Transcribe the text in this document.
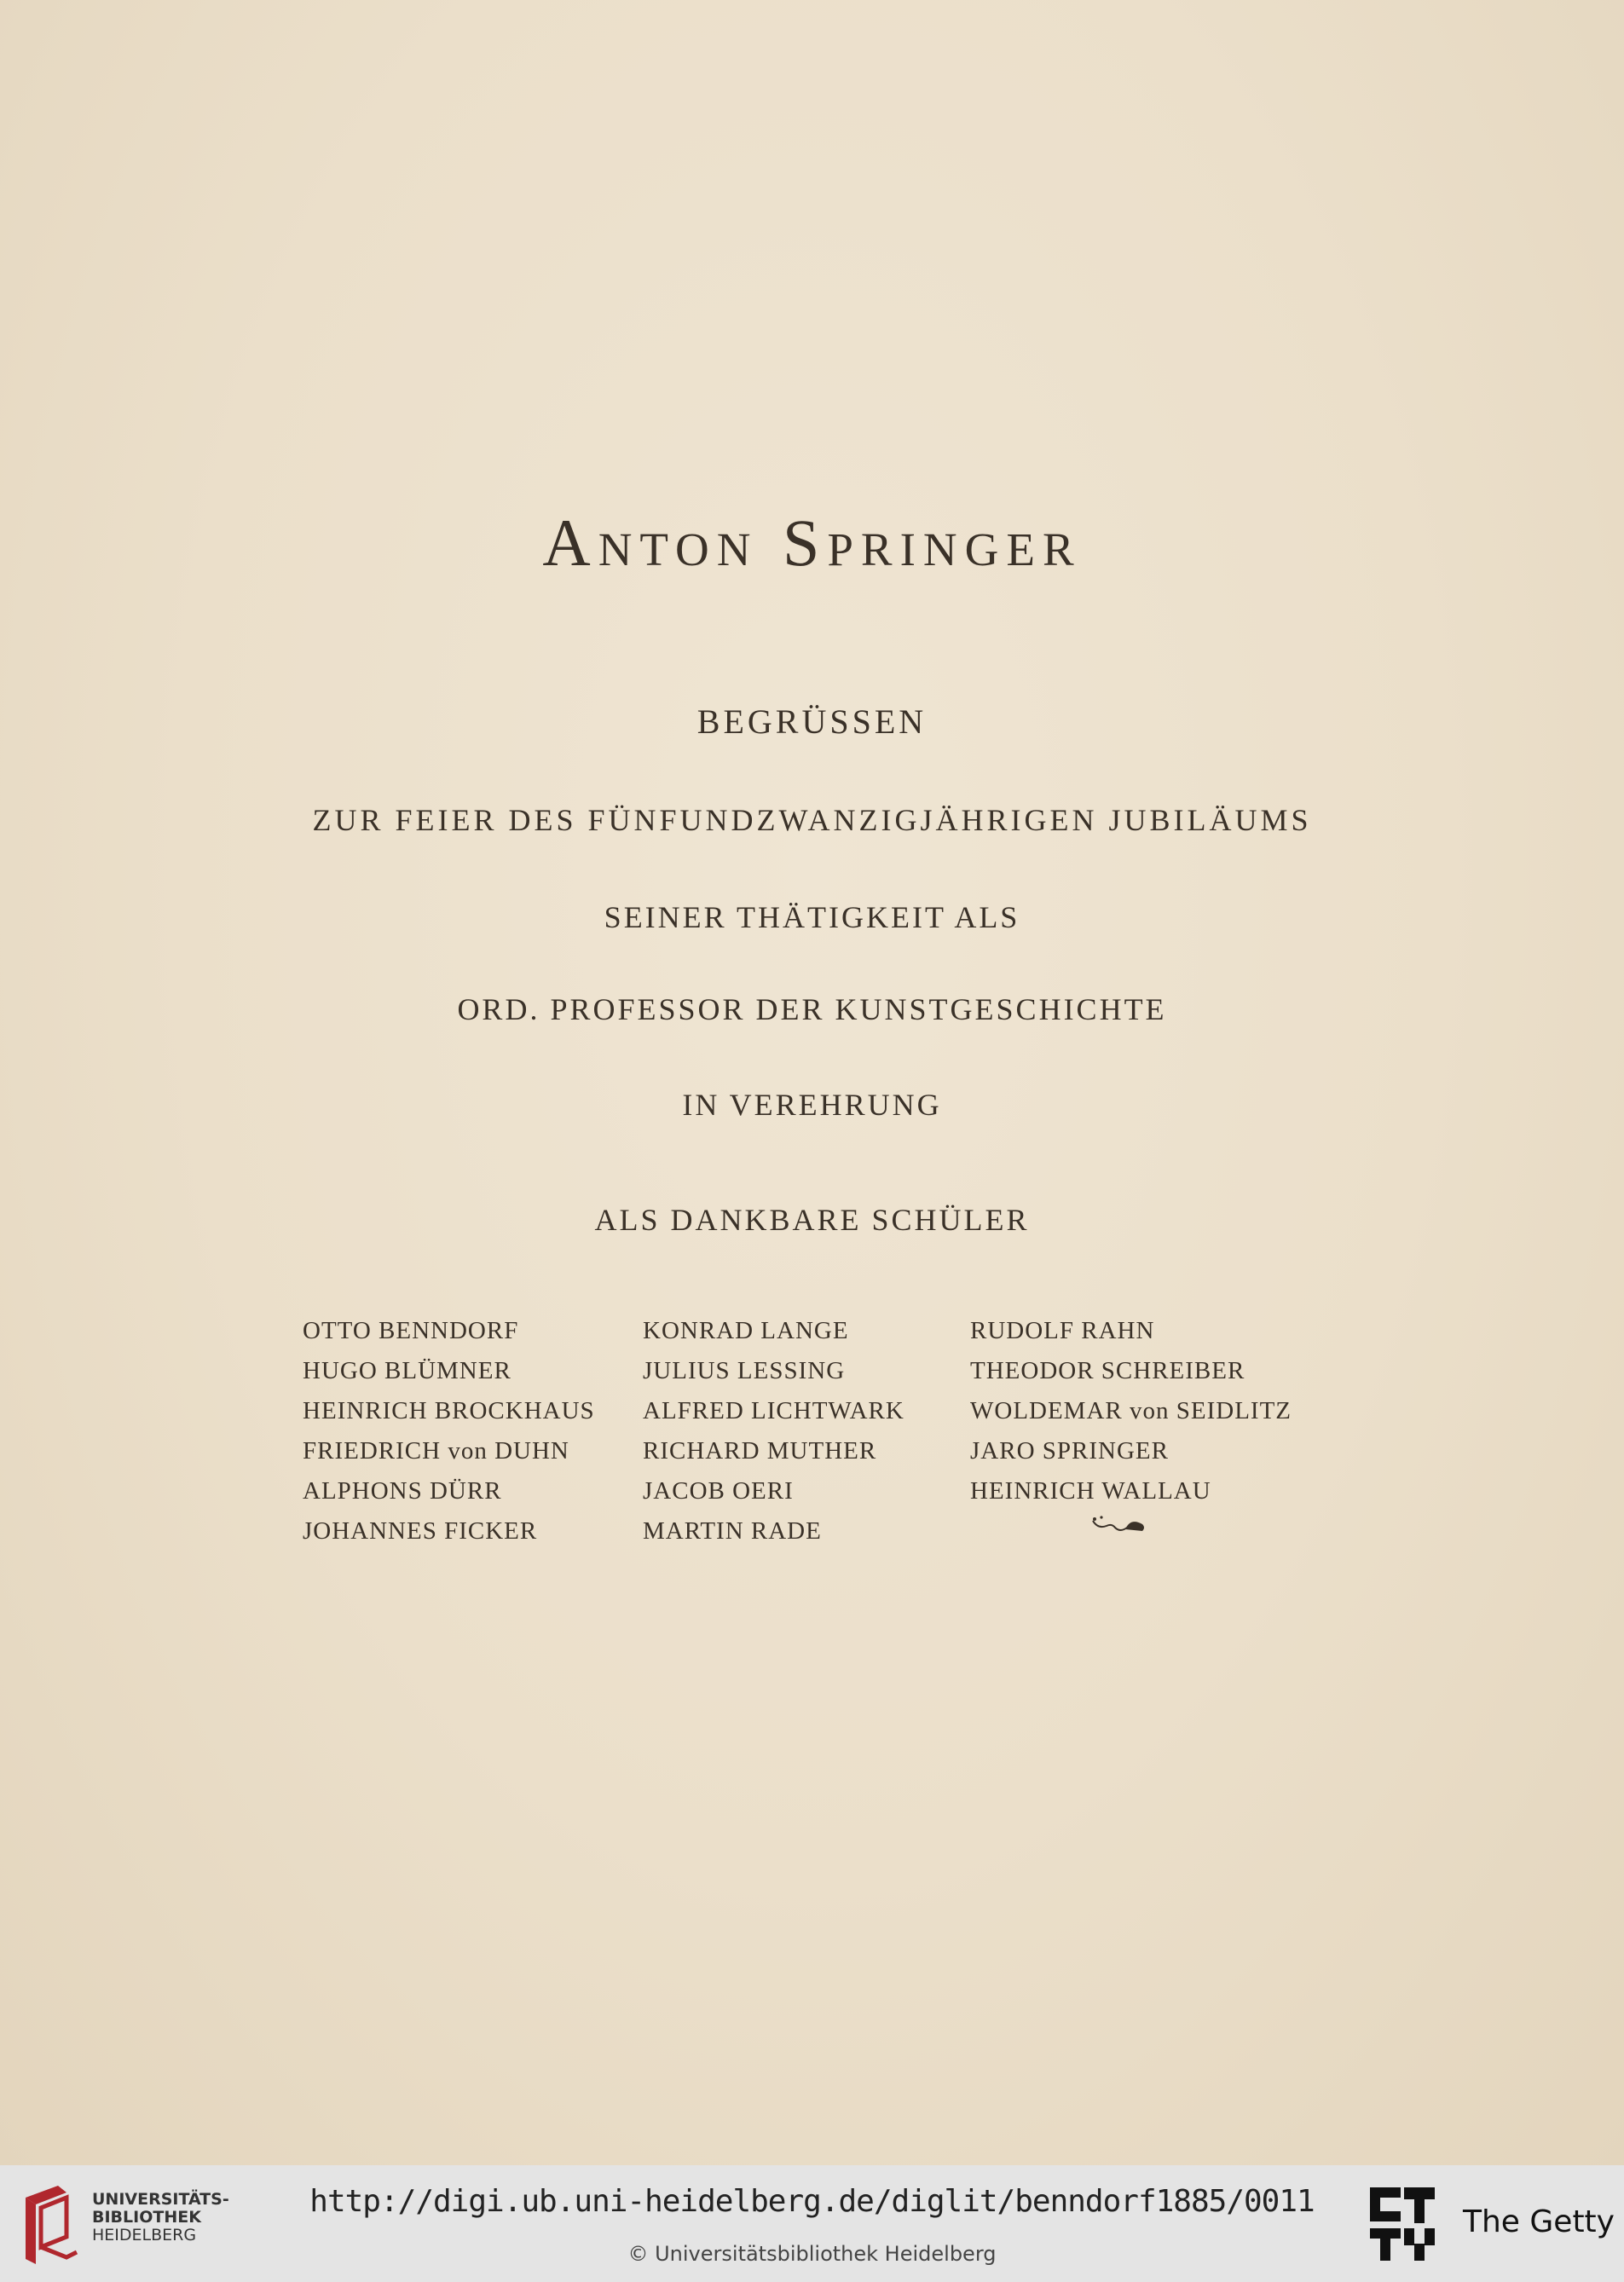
Anton Springer
BEGRÜSSEN
ZUR FEIER DES FÜNFUNDZWANZIGJÄHRIGEN JUBILÄUMS
SEINER THÄTIGKEIT ALS
ORD. PROFESSOR DER KUNSTGESCHICHTE
IN VEREHRUNG
ALS DANKBARE SCHÜLER
OTTO BENNDORF
HUGO BLÜMNER
HEINRICH BROCKHAUS
FRIEDRICH von DUHN
ALPHONS DÜRR
JOHANNES FICKER
KONRAD LANGE
JULIUS LESSING
ALFRED LICHTWARK
RICHARD MUTHER
JACOB OERI
MARTIN RADE
RUDOLF RAHN
THEODOR SCHREIBER
WOLDEMAR von SEIDLITZ
JARO SPRINGER
HEINRICH WALLAU
UNIVERSITÄTS-
BIBLIOTHEK
HEIDELBERG
http://digi.ub.uni-heidelberg.de/diglit/benndorf1885/0011
© Universitätsbibliothek Heidelberg
The Getty
